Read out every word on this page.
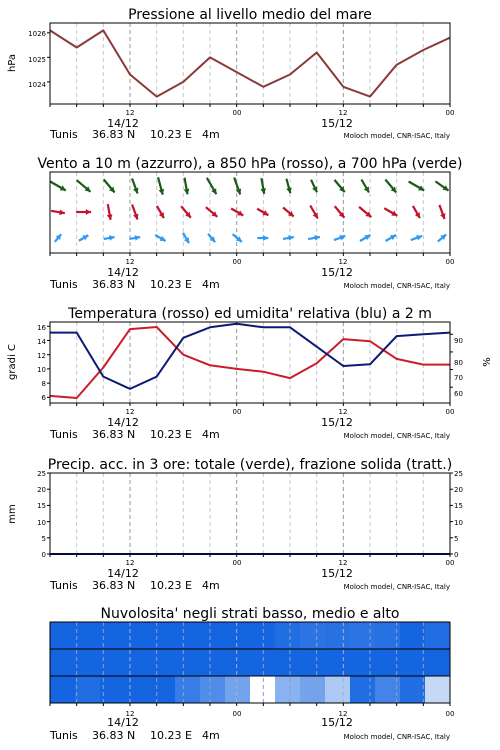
Pressione al livello medio del mare
hPa
1026
1025
1024
12	00	12	00
14/12	15/12
Tunis 36.83 N 10.23 E 4m	Moloch model, CNR-ISAC, Italy
Vento a 10 m (azzurro), a 850 hPa (rosso), a 700 hPa (verde)
12	00	12	00
14/12	15/12
Tunis 36.83 N 10.23 E 4m	Moloch model, CNR-ISAC, Italy
Temperatura (rosso) ed umidita' relativa (blu) a 2 m
gradi C	%
6
8
10
12
14
16
60
70
80
90
12	00	12	00
14/12	15/12
Tunis 36.83 N 10.23 E 4m	Moloch model, CNR-ISAC, Italy
Precip. acc. in 3 ore: totale (verde), frazione solida (tratt.)
mm
0
5
10
15
20
25
0
5
10
15
20
25
12	00	12	00
14/12	15/12
Tunis 36.83 N 10.23 E 4m	Moloch model, CNR-ISAC, Italy
Nuvolosita' negli strati basso, medio e alto
12	00	12	00
14/12	15/12
Tunis 36.83 N 10.23 E 4m	Moloch model, CNR-ISAC, Italy
